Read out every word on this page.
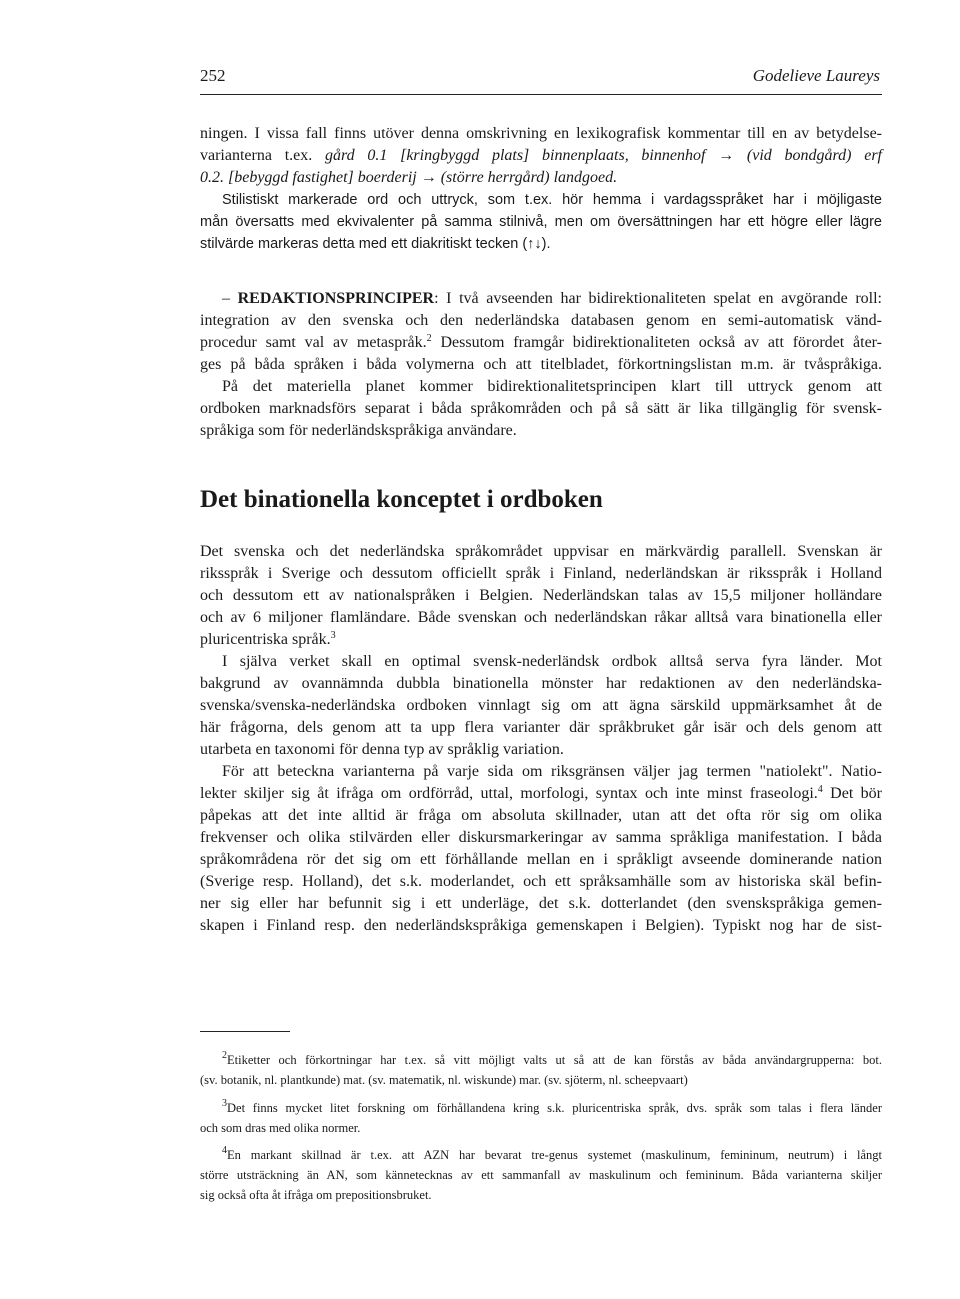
252	Godelieve Laureys
ningen. I vissa fall finns utöver denna omskrivning en lexikografisk kommentar till en av betydelse-
varianterna t.ex. gård 0.1 [kringbyggd plats] binnenplaats, binnenhof → (vid bondgård) erf
0.2. [bebyggd fastighet] boerderij → (större herrgård) landgoed.
Stilistiskt markerade ord och uttryck, som t.ex. hör hemma i vardagsspråket har i möjligaste
mån översatts med ekvivalenter på samma stilnivå, men om översättningen har ett högre eller lägre
stilvärde markeras detta med ett diakritiskt tecken (↑↓).
– REDAKTIONSPRINCIPER: I två avseenden har bidirektionaliteten spelat en avgörande roll:
integration av den svenska och den nederländska databasen genom en semi-automatisk vänd-
procedur samt val av metaspråk.$^2$ Dessutom framgår bidirektionaliteten också av att förordet åter-
ges på båda språken i båda volymerna och att titelbladet, förkortningslistan m.m. är tvåspråkiga.
På det materiella planet kommer bidirektionalitetsprincipen klart till uttryck genom att
ordboken marknadsförs separat i båda språkområden och på så sätt är lika tillgänglig för svensk-
språkiga som för nederländskspråkiga användare.
Det binationella konceptet i ordboken
Det svenska och det nederländska språkområdet uppvisar en märkvärdig parallell. Svenskan är
riksspråk i Sverige och dessutom officiellt språk i Finland, nederländskan är riksspråk i Holland
och dessutom ett av nationalspråken i Belgien. Nederländskan talas av 15,5 miljoner holländare
och av 6 miljoner flamländare. Både svenskan och nederländskan råkar alltså vara binationella eller
pluricentriska språk.$^3$
I själva verket skall en optimal svensk-nederländsk ordbok alltså serva fyra länder. Mot
bakgrund av ovannämnda dubbla binationella mönster har redaktionen av den nederländska-
svenska/svenska-nederländska ordboken vinnlagt sig om att ägna särskild uppmärksamhet åt de
här frågorna, dels genom att ta upp flera varianter där språkbruket går isär och dels genom att
utarbeta en taxonomi för denna typ av språklig variation.
För att beteckna varianterna på varje sida om riksgränsen väljer jag termen "natiolekt". Natio-
lekter skiljer sig åt ifråga om ordförråd, uttal, morfologi, syntax och inte minst fraseologi.$^4$ Det bör
påpekas att det inte alltid är fråga om absoluta skillnader, utan att det ofta rör sig om olika
frekvenser och olika stilvärden eller diskursmarkeringar av samma språkliga manifestation. I båda
språkområdena rör det sig om ett förhållande mellan en i språkligt avseende dominerande nation
(Sverige resp. Holland), det s.k. moderlandet, och ett språksamhälle som av historiska skäl befin-
ner sig eller har befunnit sig i ett underläge, det s.k. dotterlandet (den svenskspråkiga gemen-
skapen i Finland resp. den nederländskspråkiga gemenskapen i Belgien). Typiskt nog har de sist-
$^2$Etiketter och förkortningar har t.ex. så vitt möjligt valts ut så att de kan förstås av båda användargrupperna: bot.
(sv. botanik, nl. plantkunde) mat. (sv. matematik, nl. wiskunde) mar. (sv. sjöterm, nl. scheepvaart)
$^3$Det finns mycket litet forskning om förhållandena kring s.k. pluricentriska språk, dvs. språk som talas i flera länder
och som dras med olika normer.
$^4$En markant skillnad är t.ex. att AZN har bevarat tre-genus systemet (maskulinum, femininum, neutrum) i långt
större utsträckning än AN, som kännetecknas av ett sammanfall av maskulinum och femininum. Båda varianterna skiljer
sig också ofta åt ifråga om prepositionsbruket.
